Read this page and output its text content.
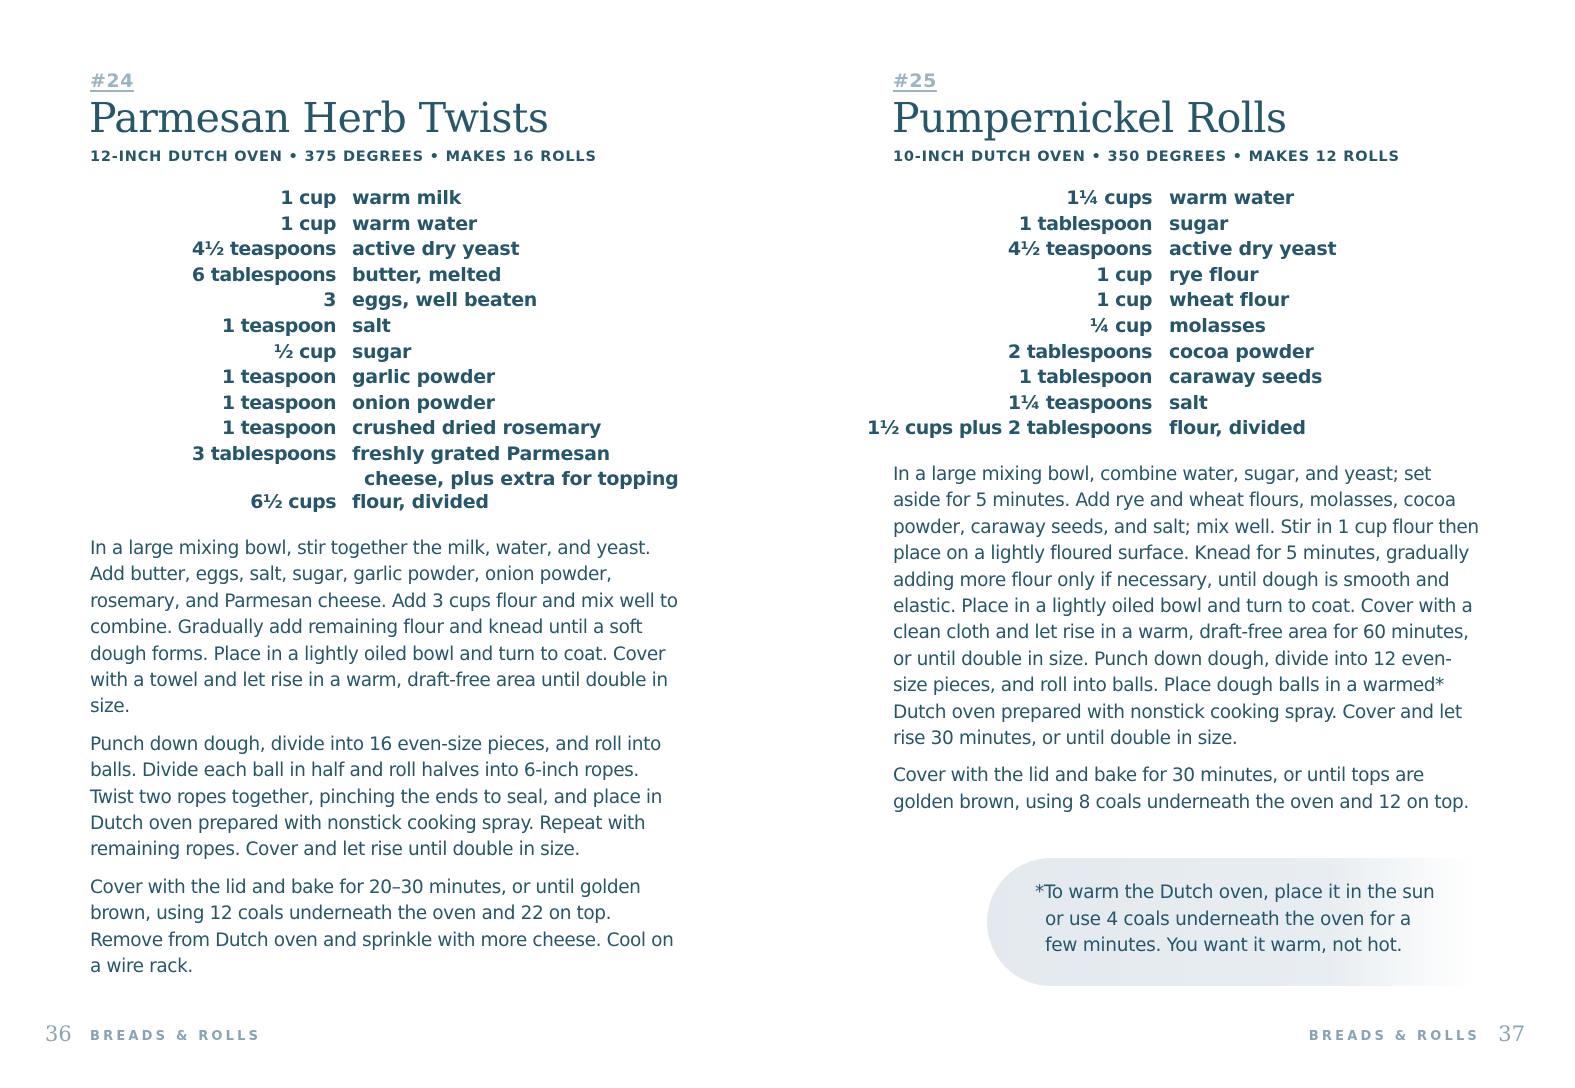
#24
Parmesan Herb Twists
12-INCH DUTCH OVEN • 375 DEGREES • MAKES 16 ROLLS
1 cup warm milk
1 cup warm water
4½ teaspoons active dry yeast
6 tablespoons butter, melted
3 eggs, well beaten
1 teaspoon salt
½ cup sugar
1 teaspoon garlic powder
1 teaspoon onion powder
1 teaspoon crushed dried rosemary
3 tablespoons freshly grated Parmesan
cheese, plus extra for topping
6½ cups flour, divided

In a large mixing bowl, stir together the milk, water, and yeast. Add butter, eggs, salt, sugar, garlic powder, onion powder, rosemary, and Parmesan cheese. Add 3 cups flour and mix well to combine. Gradually add remaining flour and knead until a soft dough forms. Place in a lightly oiled bowl and turn to coat. Cover with a towel and let rise in a warm, draft-free area until double in size.

Punch down dough, divide into 16 even-size pieces, and roll into balls. Divide each ball in half and roll halves into 6-inch ropes. Twist two ropes together, pinching the ends to seal, and place in Dutch oven prepared with nonstick cooking spray. Repeat with remaining ropes. Cover and let rise until double in size.

Cover with the lid and bake for 20–30 minutes, or until golden brown, using 12 coals underneath the oven and 22 on top. Remove from Dutch oven and sprinkle with more cheese. Cool on a wire rack.

36 BREADS & ROLLS
#25
Pumpernickel Rolls
10-INCH DUTCH OVEN • 350 DEGREES • MAKES 12 ROLLS
1¼ cups warm water
1 tablespoon sugar
4½ teaspoons active dry yeast
1 cup rye flour
1 cup wheat flour
¼ cup molasses
2 tablespoons cocoa powder
1 tablespoon caraway seeds
1¼ teaspoons salt
1½ cups plus 2 tablespoons flour, divided

In a large mixing bowl, combine water, sugar, and yeast; set aside for 5 minutes. Add rye and wheat flours, molasses, cocoa powder, caraway seeds, and salt; mix well. Stir in 1 cup flour then place on a lightly floured surface. Knead for 5 minutes, gradually adding more flour only if necessary, until dough is smooth and elastic. Place in a lightly oiled bowl and turn to coat. Cover with a clean cloth and let rise in a warm, draft-free area for 60 minutes, or until double in size. Punch down dough, divide into 12 even-size pieces, and roll into balls. Place dough balls in a warmed* Dutch oven prepared with nonstick cooking spray. Cover and let rise 30 minutes, or until double in size.

Cover with the lid and bake for 30 minutes, or until tops are golden brown, using 8 coals underneath the oven and 12 on top.

*To warm the Dutch oven, place it in the sun
or use 4 coals underneath the oven for a
few minutes. You want it warm, not hot.
BREADS & ROLLS 37
